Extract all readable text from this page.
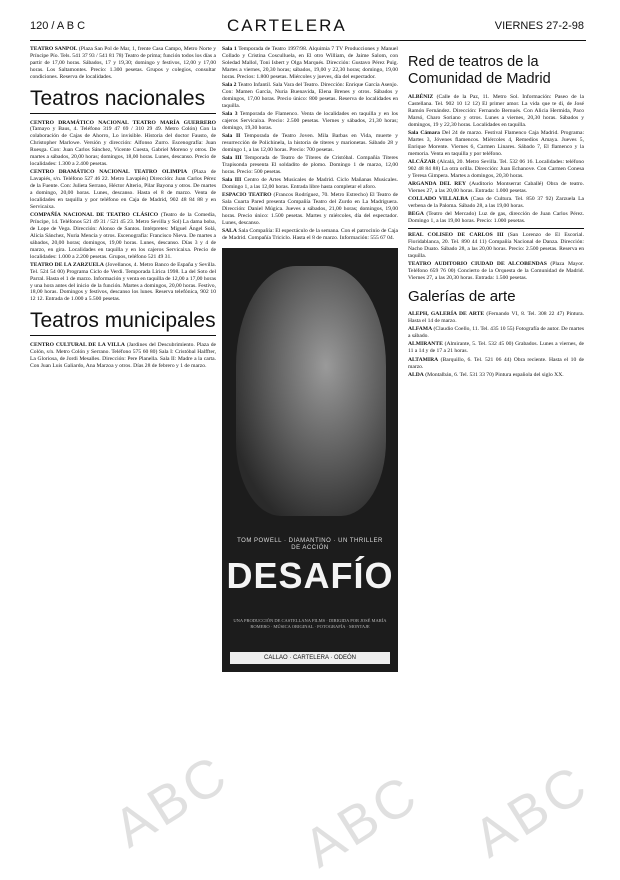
120 / A B C	CARTELERA	VIERNES 27-2-98

TEATRO SANPOL (Plaza San Pol de Mar, 1, frente Casa Campo, Metro Norte y Príncipe Pío. Tels. 541 37 93 / 541 81 78) Teatro de prima; función todos los días a partir de 17,00 horas. Sábados, 17 y 19,30; domingo y festivos, 12,00 y 17,00 horas. Los Saltamontes. Precio: 1.300 pesetas. Grupos y colegios, consultar condiciones. Reserva de localidades.

Teatros nacionales

CENTRO DRAMÁTICO NACIONAL TEATRO MARÍA GUERRERO (Tamayo y Baus, 4. Teléfono 319 47 69 / 310 29 49. Metro Colón) Con la colaboración de Cajas de Ahorro, Lo invisible. Historia del doctor Fausto, de Christopher Marlowe. Versión y dirección: Alfonso Zurro. Escenografía: Juan Ruesga. Con: Juan Carlos Sánchez, Vicente Cuesta, Gabriel Moreno y otros. De martes a sábados, 20,00 horas; domingos, 18,00 horas. Lunes, descanso. Precio de localidades: 1.300 a 2.400 pesetas.

CENTRO DRAMÁTICO NACIONAL TEATRO OLIMPIA (Plaza de Lavapiés, s/n. Teléfono 527 46 22. Metro Lavapiés) Dirección: Juan Carlos Pérez de la Fuente. Con: Julieta Serrano, Héctor Alterio, Pilar Bayona y otros. De martes a domingo, 20,00 horas. Lunes, descanso. Hasta el 8 de marzo. Venta de localidades en taquilla y por teléfono en Caja de Madrid, 902 48 84 88 y en Servicaixa.

COMPAÑÍA NACIONAL DE TEATRO CLÁSICO (Teatro de la Comedia, Príncipe, 14. Teléfonos 521 49 31 / 521 45 23. Metro Sevilla y Sol) La dama boba, de Lope de Vega. Dirección: Alonso de Santos. Intérpretes: Miguel Ángel Solá, Alicia Sánchez, Nuria Mencía y otros. Escenografía: Francisco Nieva. De martes a sábados, 20,00 horas; domingos, 19,00 horas. Lunes, descanso. Días 3 y 4 de marzo, en gira. Localidades en taquilla y en los cajeros Servicaixa. Precio de localidades: 1.000 a 2.200 pesetas. Grupos, teléfono 521 49 31.

TEATRO DE LA ZARZUELA (Jovellanos, 4. Metro Banco de España y Sevilla. Tel. 524 54 00) Programa Ciclo de Verdi. Temporada Lírica 1998. La del Soto del Parral. Hasta el 1 de marzo. Información y venta en taquilla de 12,00 a 17,00 horas y una hora antes del inicio de la función. Martes a domingos, 20,00 horas. Festivo, 18,00 horas. Domingos y festivos, descanso los lunes. Reserva telefónica, 902 10 12 12. Entrada de 1.000 a 5.500 pesetas.

Teatros municipales

CENTRO CULTURAL DE LA VILLA (Jardines del Descubrimiento. Plaza de Colón, s/n. Metro Colón y Serrano. Teléfono 575 60 80) Sala I: Cristóbal Halffter, La Gloriosa, de Jordi Mesalles. Dirección: Pere Planella. Sala II: Madre a la carta. Con Juan Luis Galiardo, Ana Marzoa y otros. Días 28 de febrero y 1 de marzo.

Sala 1 Temporada de Teatro 1997/98. Alquimia 7 TV Producciones y Manuel Collado y Cristina Cosculluela, en El otro William, de Jaime Salom, con Soledad Mallol, Toni Isbert y Olga Marqués. Dirección: Gustavo Pérez Puig. Martes a viernes, 20,30 horas; sábados, 19,00 y 22,30 horas; domingo, 19,00 horas. Precios: 1.800 pesetas. Miércoles y jueves, día del espectador.

Sala 2 Teatro Infantil. Sala Vara del Teatro. Dirección: Enrique García Asenjo. Con: Mamen García, Nuria Buenavida, Elena Brenes y otros. Sábados y domingos, 17,00 horas. Precio único: 800 pesetas. Reserva de localidades en taquilla.

Sala 3 Temporada de Flamenco. Venta de localidades en taquilla y en los cajeros Servicaixa. Precio: 2.500 pesetas. Viernes y sábados, 21,30 horas; domingo, 19,30 horas.

Sala II Temporada de Teatro Joven. Mila Barbas en Vida, muerte y resurrección de Polichinela, la historia de títeres y marionetas. Sábado 28 y domingo 1, a las 12,00 horas. Precio: 700 pesetas.

Sala III Temporada de Teatro de Títeres de Cristóbal. Compañía Títeres Trapisonda presenta El soldadito de plomo. Domingo 1 de marzo, 12,00 horas. Precio: 500 pesetas.

Sala III Centro de Artes Musicales de Madrid. Ciclo Mañanas Musicales. Domingo 1, a las 12,00 horas. Entrada libre hasta completar el aforo.

ESPACIO TEATRO (Francos Rodríguez, 70. Metro Estrecho) El Teatro de Sala Cuarta Pared presenta Compañía Teatro del Zurdo en La Madriguera. Dirección: Daniel Múgica. Jueves a sábados, 21,00 horas; domingos, 19,00 horas. Precio único: 1.500 pesetas. Martes y miércoles, día del espectador. Lunes, descanso.

SALA Sala Compañía: El espectáculo de la semana. Con el patrocinio de Caja de Madrid. Compañía Triciclo. Hasta el 8 de marzo. Información: 555 67 04.

TOM POWELL · DIAMANTINO · UN THRILLER DE ACCIÓN
DESAFÍO
UNA PRODUCCIÓN DE CASTELLANA FILMS · DIRIGIDA POR JOSÉ MARÍA ROMERO · MÚSICA ORIGINAL · FOTOGRAFÍA · MONTAJE
CALLAO · CARTELERA · ODEÓN
Red de teatros de la Comunidad de Madrid

ALBÉNIZ (Calle de la Paz, 11. Metro Sol. Información: Paseo de la Castellana. Tel. 902 10 12 12) El primer amor. La vida que te di, de José Ramón Fernández. Dirección: Fernando Bernués. Con Alicia Hermida, Paco Marsó, Charo Soriano y otros. Lunes a viernes, 20,30 horas. Sábados y domingos, 19 y 22,30 horas. Localidades en taquilla.

Sala Cámara Del 24 de marzo. Festival Flamenco Caja Madrid. Programa: Martes 3, Jóvenes flamencos. Miércoles 4, Remedios Amaya. Jueves 5, Enrique Morente. Viernes 6, Carmen Linares. Sábado 7, El flamenco y la memoria. Venta en taquilla y por teléfono.

ALCÁZAR (Alcalá, 20. Metro Sevilla. Tel. 532 06 16. Localidades: teléfono 902 48 84 88) La otra orilla. Dirección: Juan Echanove. Con Carmen Conesa y Teresa Gimpera. Martes a domingos, 20,30 horas.

ARGANDA DEL REY (Auditorio Montserrat Caballé) Obra de teatro. Viernes 27, a las 20,00 horas. Entrada: 1.000 pesetas.

COLLADO VILLALBA (Casa de Cultura. Tel. 850 37 92) Zarzuela La verbena de la Paloma. Sábado 28, a las 19,00 horas.

BEGA (Teatro del Mercado) Luz de gas, dirección de Juan Carlos Pérez. Domingo 1, a las 19,00 horas. Precio: 1.000 pesetas.

REAL COLISEO DE CARLOS III (San Lorenzo de El Escorial. Floridablanca, 20. Tel. 890 44 11) Compañía Nacional de Danza. Dirección: Nacho Duato. Sábado 28, a las 20,00 horas. Precio: 2.500 pesetas. Reserva en taquilla.

TEATRO AUDITORIO CIUDAD DE ALCOBENDAS (Plaza Mayor. Teléfono 659 76 00) Concierto de la Orquesta de la Comunidad de Madrid. Viernes 27, a las 20,30 horas. Entrada: 1.500 pesetas.

Galerías de arte

ALEPH, GALERÍA DE ARTE (Fernando VI, 8. Tel. 308 22 47) Pintura. Hasta el 14 de marzo.

ALFAMA (Claudio Coello, 11. Tel. 435 10 55) Fotografía de autor. De martes a sábado.

ALMIRANTE (Almirante, 5. Tel. 532 45 00) Grabados. Lunes a viernes, de 11 a 14 y de 17 a 21 horas.

ALTAMIRA (Barquillo, 6. Tel. 521 06 44) Obra reciente. Hasta el 10 de marzo.

ALDA (Montalbán, 6. Tel. 531 33 70) Pintura española del siglo XX.

ABC ABC ABC
